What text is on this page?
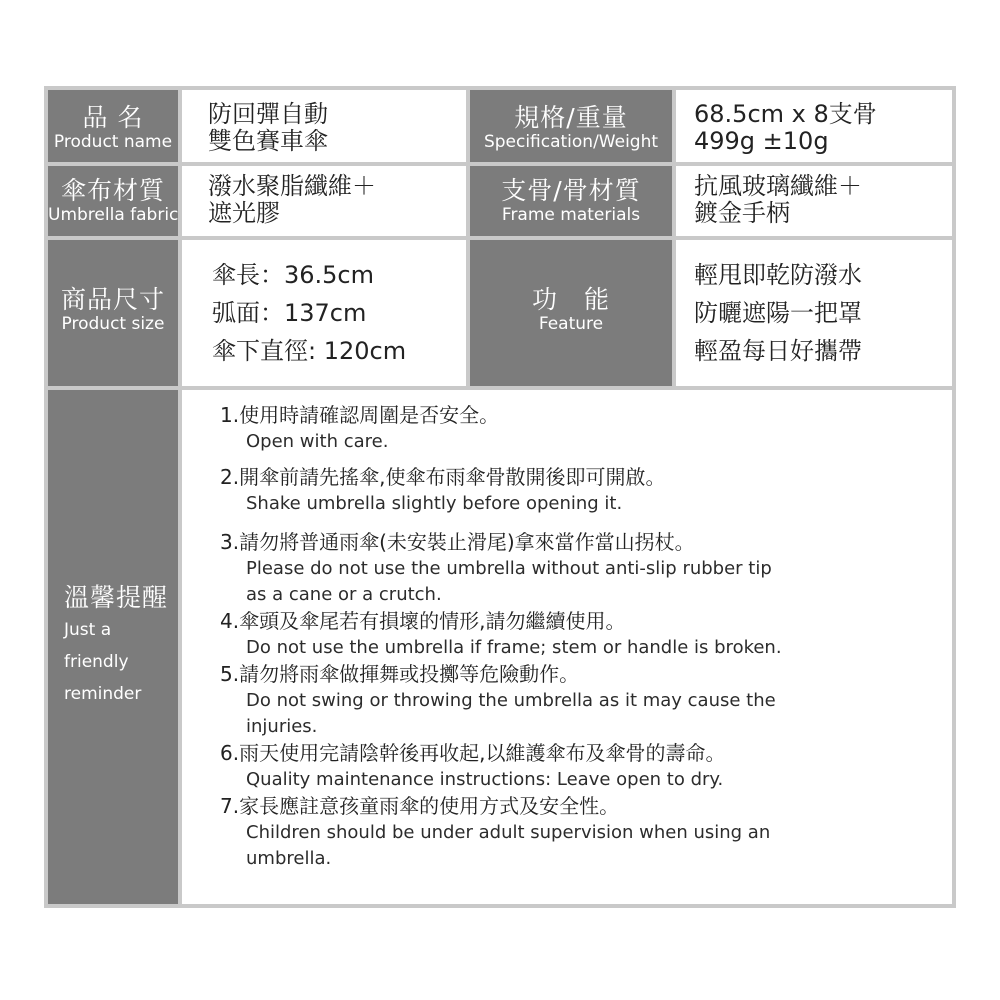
品 名
Product name
防回彈自動
雙色賽車傘
規格/重量
Specification/Weight
68.5cm x 8支骨
499g ±10g
傘布材質
Umbrella fabric
潑水聚脂纖維＋
遮光膠
支骨/骨材質
Frame materials
抗風玻璃纖維＋
鍍金手柄
商品尺寸
Product size
傘長：36.5cm
弧面：137cm
傘下直徑: 120cm
功　能
Feature
輕甩即乾防潑水
防曬遮陽一把罩
輕盈每日好攜帶
溫馨提醒
Just a
friendly
reminder
1.使用時請確認周圍是否安全。
Open with care.
2.開傘前請先搖傘,使傘布雨傘骨散開後即可開啟。
Shake umbrella slightly before opening it.
3.請勿將普通雨傘(未安裝止滑尾)拿來當作當山拐杖。
Please do not use the umbrella without anti-slip rubber tip
as a cane or a crutch.
4.傘頭及傘尾若有損壞的情形,請勿繼續使用。
Do not use the umbrella if frame; stem or handle is broken.
5.請勿將雨傘做揮舞或投擲等危險動作。
Do not swing or throwing the umbrella as it may cause the
injuries.
6.雨天使用完請陰幹後再收起,以維護傘布及傘骨的壽命。
Quality maintenance instructions: Leave open to dry.
7.家長應註意孩童雨傘的使用方式及安全性。
Children should be under adult supervision when using an
umbrella.
